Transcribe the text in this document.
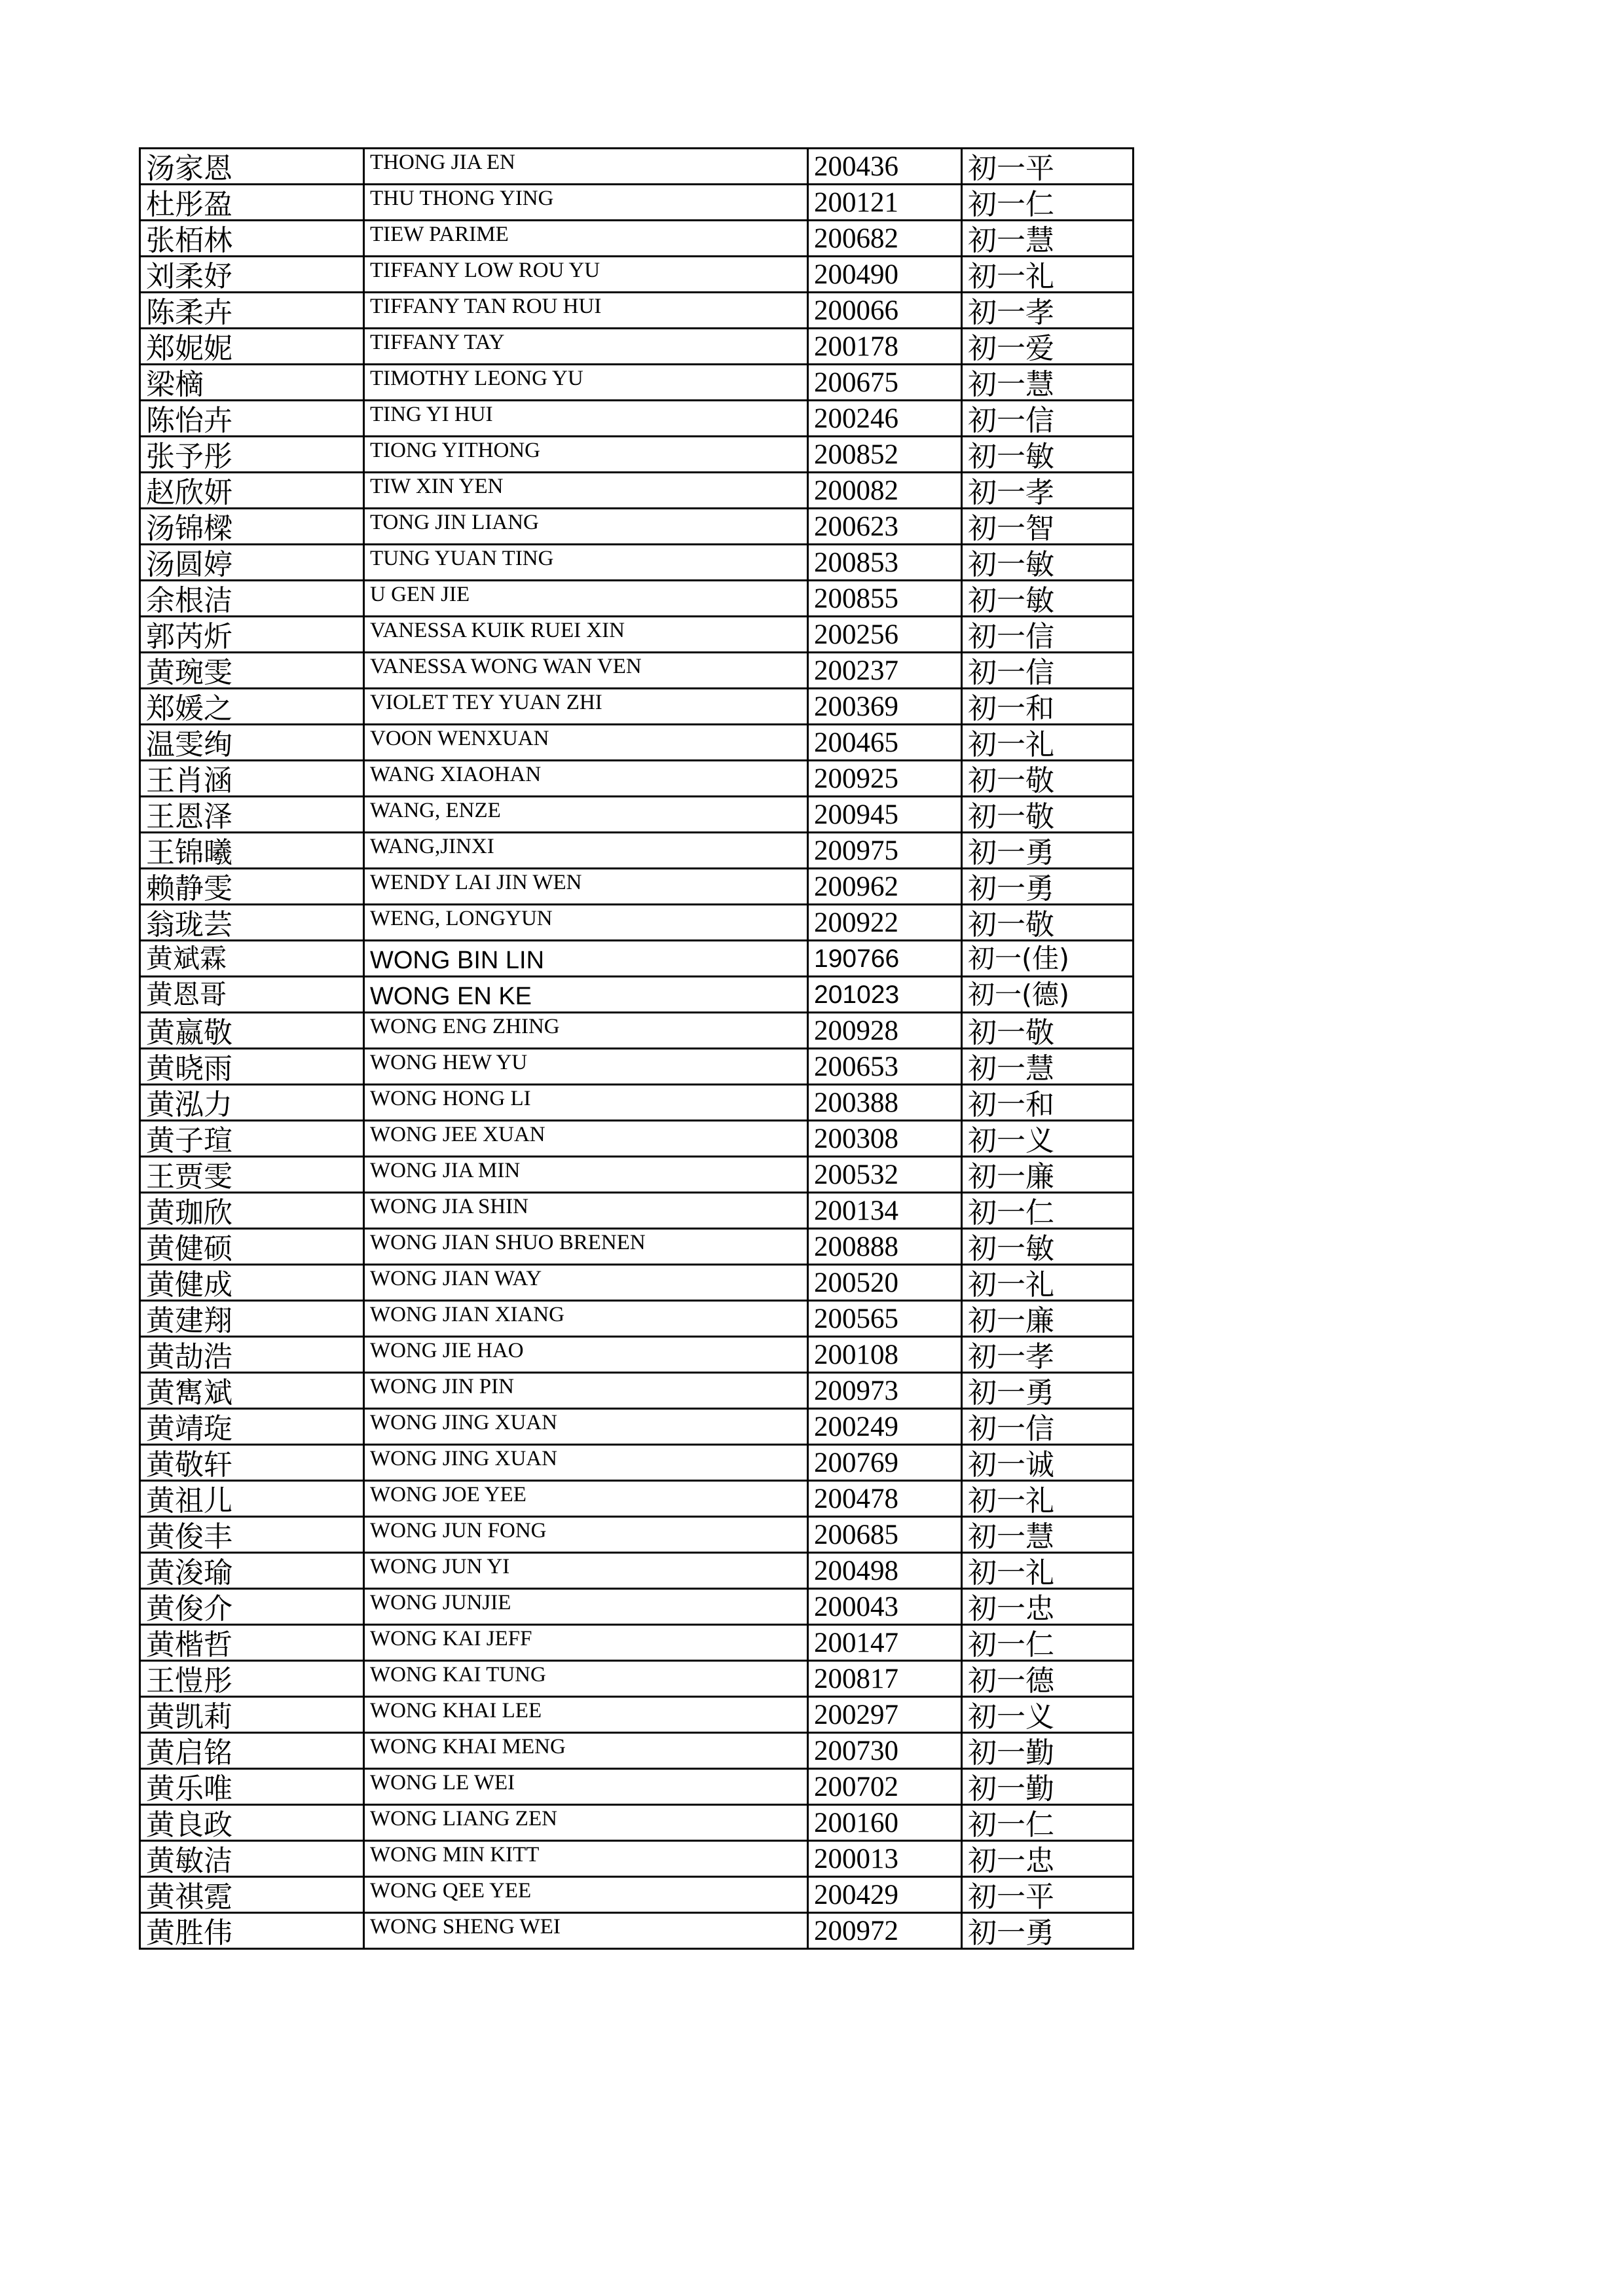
汤家恩	THONG JIA EN	200436	初一平
杜彤盈	THU THONG YING	200121	初一仁
张栢林	TIEW PARIME	200682	初一慧
刘柔妤	TIFFANY LOW ROU YU	200490	初一礼
陈柔卉	TIFFANY TAN ROU HUI	200066	初一孝
郑妮妮	TIFFANY TAY	200178	初一爱
梁樀	TIMOTHY LEONG YU	200675	初一慧
陈怡卉	TING YI HUI	200246	初一信
张予彤	TIONG YITHONG	200852	初一敏
赵欣妍	TIW XIN YEN	200082	初一孝
汤锦樑	TONG JIN LIANG	200623	初一智
汤圆婷	TUNG YUAN TING	200853	初一敏
余根洁	U GEN JIE	200855	初一敏
郭芮炘	VANESSA KUIK RUEI XIN	200256	初一信
黄琬雯	VANESSA WONG WAN VEN	200237	初一信
郑媛之	VIOLET TEY YUAN ZHI	200369	初一和
温雯绚	VOON WENXUAN	200465	初一礼
王肖涵	WANG XIAOHAN	200925	初一敬
王恩泽	WANG, ENZE	200945	初一敬
王锦曦	WANG,JINXI	200975	初一勇
赖静雯	WENDY LAI JIN WEN	200962	初一勇
翁珑芸	WENG, LONGYUN	200922	初一敬
黄斌霖	WONG BIN LIN	190766	初一(佳)
黄恩哥	WONG EN KE	201023	初一(德)
黄嬴敬	WONG ENG ZHING	200928	初一敬
黄晓雨	WONG HEW YU	200653	初一慧
黄泓力	WONG HONG LI	200388	初一和
黄子瑄	WONG JEE XUAN	200308	初一义
王贾雯	WONG JIA MIN	200532	初一廉
黄珈欣	WONG JIA SHIN	200134	初一仁
黄健硕	WONG JIAN SHUO BRENEN	200888	初一敏
黄健成	WONG JIAN WAY	200520	初一礼
黄建翔	WONG JIAN XIANG	200565	初一廉
黄劼浩	WONG JIE HAO	200108	初一孝
黄寯斌	WONG JIN PIN	200973	初一勇
黄靖琁	WONG JING XUAN	200249	初一信
黄敬轩	WONG JING XUAN	200769	初一诚
黄祖儿	WONG JOE YEE	200478	初一礼
黄俊丰	WONG JUN FONG	200685	初一慧
黄浚瑜	WONG JUN YI	200498	初一礼
黄俊介	WONG JUNJIE	200043	初一忠
黄楷哲	WONG KAI JEFF	200147	初一仁
王愷彤	WONG KAI TUNG	200817	初一德
黄凯莉	WONG KHAI LEE	200297	初一义
黄启铭	WONG KHAI MENG	200730	初一勤
黄乐唯	WONG LE WEI	200702	初一勤
黄良政	WONG LIANG ZEN	200160	初一仁
黄敏洁	WONG MIN KITT	200013	初一忠
黄祺霓	WONG QEE YEE	200429	初一平
黄胜伟	WONG SHENG WEI	200972	初一勇
